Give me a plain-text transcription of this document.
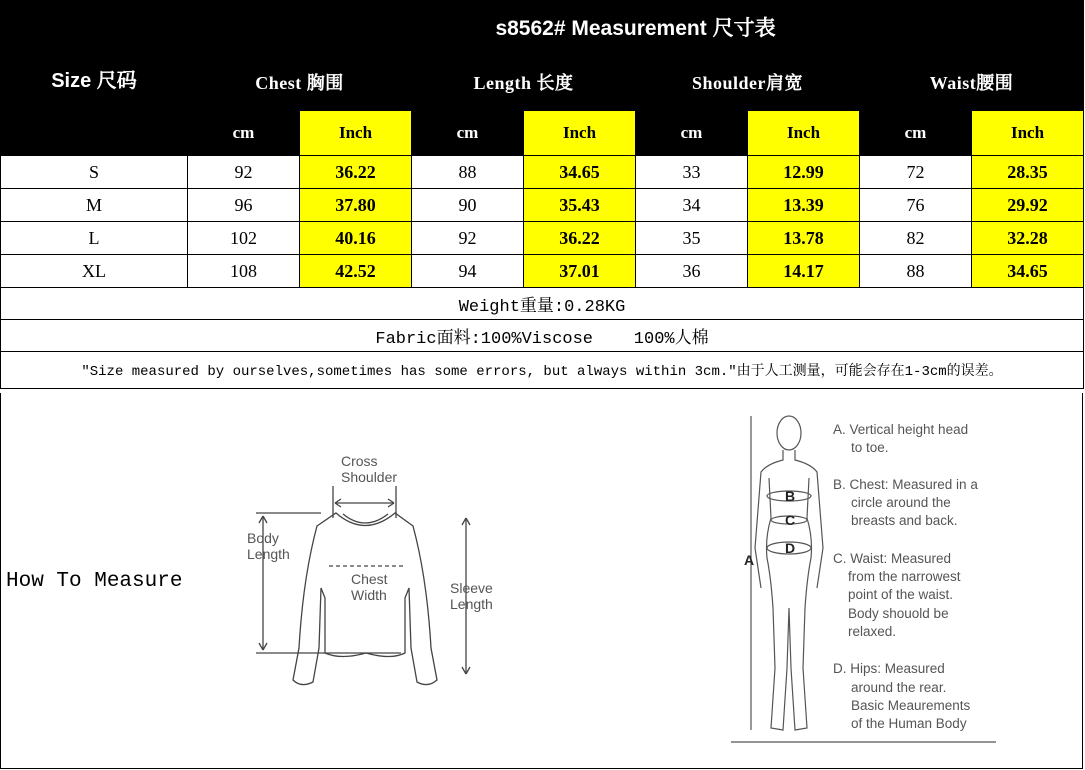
Size 尺码	s8562# Measurement 尺寸表							
	Chest 胸围		Length 长度		Shoulder肩宽		Waist腰围	
	cm	Inch	cm	Inch	cm	Inch	cm	Inch
S	92	36.22	88	34.65	33	12.99	72	28.35
M	96	37.80	90	35.43	34	13.39	76	29.92
L	102	40.16	92	36.22	35	13.78	82	32.28
XL	108	42.52	94	37.01	36	14.17	88	34.65
Weight重量:0.28KG								
Fabric面料:100%Viscose    100%人棉								
"Size measured by ourselves,sometimes has some errors, but always within 3cm."由于人工测量，可能会存在1-3cm的误差。								
How To Measure
Cross
Shoulder
Body
Length
Chest
Width	Sleeve
Length
A
B
C
D
A. Vertical height head
to toe.
B. Chest: Measured in a
circle around the
breasts and back.
C. Waist: Measured
from the narrowest
point of the waist.
Body shouold be
relaxed.
D. Hips: Measured
around the rear.
Basic Meaurements
of the Human Body
